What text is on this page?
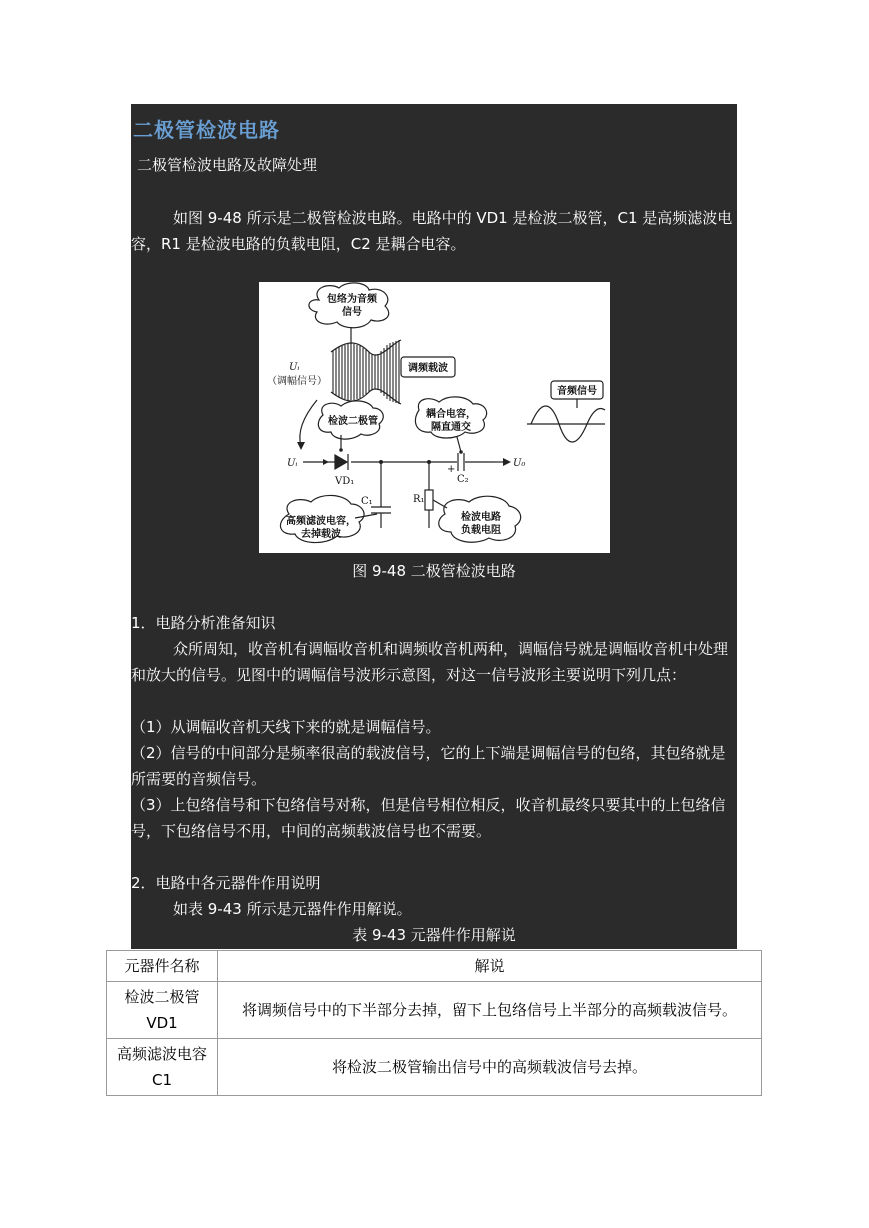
二极管检波电路
二极管检波电路及故障处理

如图 9-48 所示是二极管检波电路。电路中的 VD1 是检波二极管，C1 是高频滤波电容，R1 是检波电路的负载电阻，C2 是耦合电容。

包络为音频
信号
调频载波
音频信号
检波二极管
耦合电容，
隔直通交
高频滤波电容，
去掉载波
检波电路
负载电阻
Uᵢ
（调幅信号）
Uᵢ	U₀
VD₁
C₁	R₁
C₂
+
图 9-48 二极管检波电路
1．电路分析准备知识

众所周知，收音机有调幅收音机和调频收音机两种，调幅信号就是调幅收音机中处理和放大的信号。见图中的调幅信号波形示意图，对这一信号波形主要说明下列几点：

（1）从调幅收音机天线下来的就是调幅信号。
（2）信号的中间部分是频率很高的载波信号，它的上下端是调幅信号的包络，其包络就是所需要的音频信号。
（3）上包络信号和下包络信号对称，但是信号相位相反，收音机最终只要其中的上包络信号，下包络信号不用，中间的高频载波信号也不需要。
2．电路中各元器件作用说明
如表 9-43 所示是元器件作用解说。
表 9-43 元器件作用解说
元器件名称	解说
检波二极管 VD1	将调频信号中的下半部分去掉，留下上包络信号上半部分的高频载波信号。
高频滤波电容 C1	将检波二极管输出信号中的高频载波信号去掉。
